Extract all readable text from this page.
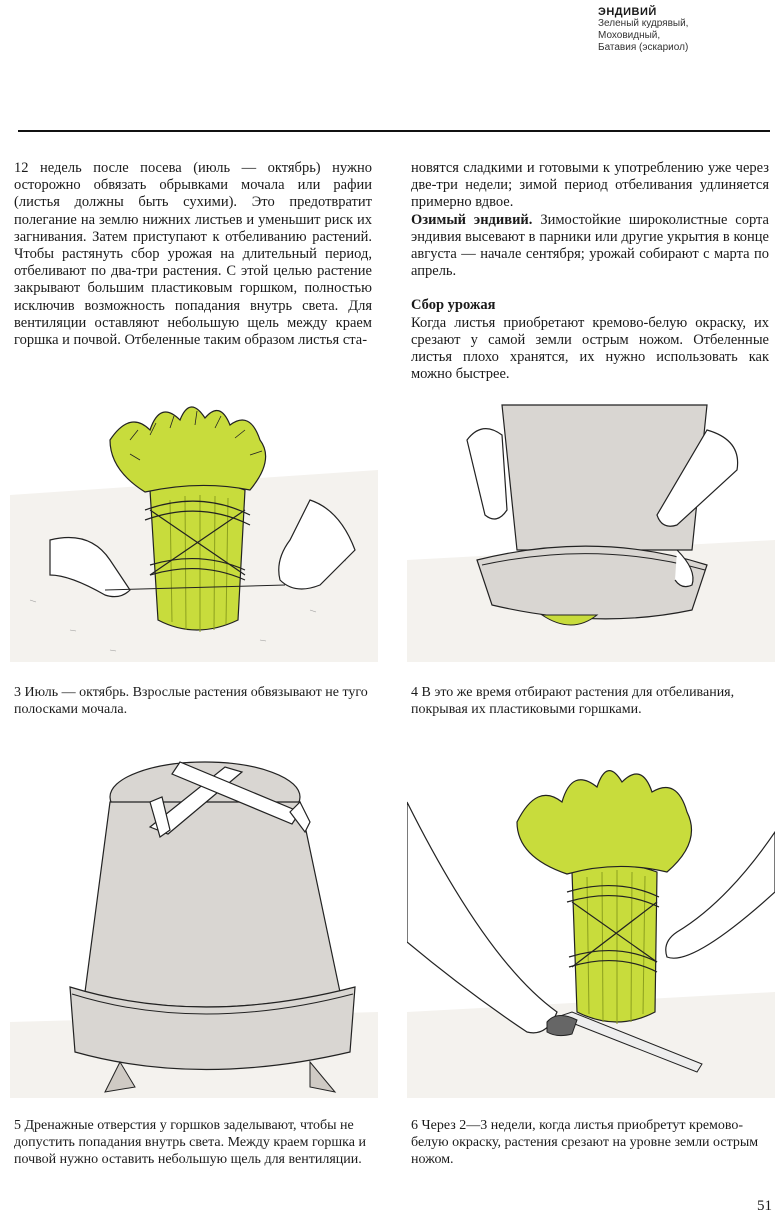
ЭНДИВИЙ
Зеленый кудрявый,
Моховидный,
Батавия (эскариол)

12 недель после посева (июль — октябрь) нужно осторожно обвязать обрывками мочала или рафии (листья должны быть сухими). Это предотвратит полегание на землю нижних листьев и уменьшит риск их загнивания. Затем приступают к отбеливанию растений. Чтобы растянуть сбор урожая на длительный период, отбеливают по два-три растения. С этой целью растение закрывают большим пластиковым горшком, полностью исключив возможность попадания внутрь света. Для вентиляции оставляют небольшую щель между краем горшка и почвой. Отбеленные таким образом листья ста-

новятся сладкими и готовыми к употреблению уже через две-три недели; зимой период отбеливания удлиняется примерно вдвое.

Озимый эндивий. Зимостойкие широколистные сорта эндивия высевают в парники или другие укрытия в конце августа — начале сентября; урожай собирают с марта по апрель.

Сбор урожая

Когда листья приобретают кремово-белую окраску, их срезают у самой земли острым ножом. Отбеленные листья плохо хранятся, их нужно использовать как можно быстрее.

3 Июль — октябрь. Взрослые растения обвязывают не туго полосками мочала.
4 В это же время отбирают растения для отбеливания, покрывая их пластиковыми горшками.
5 Дренажные отверстия у горшков заделывают, чтобы не допустить попадания внутрь света. Между краем горшка и почвой нужно оставить небольшую щель для вентиляции.
6 Через 2—3 недели, когда листья приобретут кремово-белую окраску, растения срезают на уровне земли острым ножом.
51
